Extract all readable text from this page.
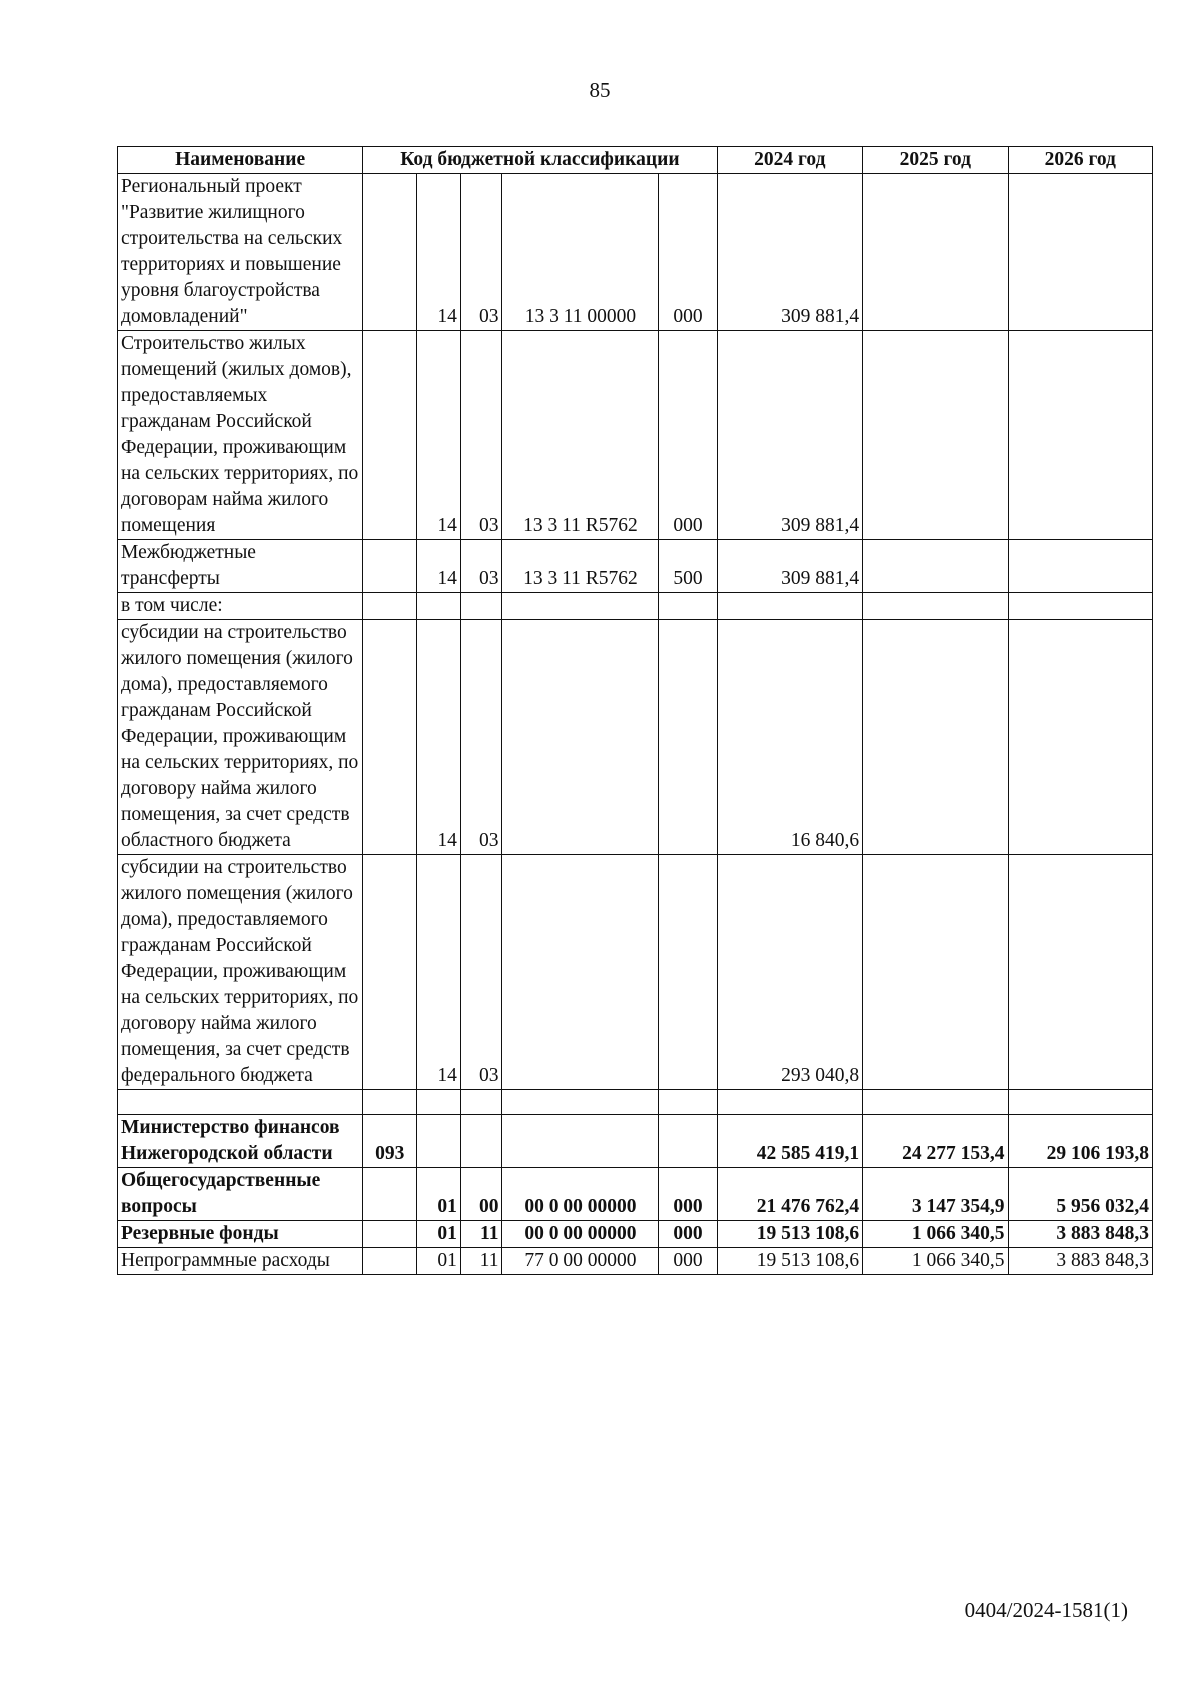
85
Наименование	Код бюджетной классификации					2024 год	2025 год	2026 год
Региональный проект "Развитие жилищного строительства на сельских территориях и повышение уровня благоустройства домовладений"		14	03	13 3 11 00000	000	309 881,4		
Строительство жилых помещений (жилых домов), предоставляемых гражданам Российской Федерации, проживающим на сельских территориях, по договорам найма жилого помещения		14	03	13 3 11 R5762	000	309 881,4		
Межбюджетные трансферты		14	03	13 3 11 R5762	500	309 881,4		
в том числе:								
субсидии на строительство жилого помещения (жилого дома), предоставляемого гражданам Российской Федерации, проживающим на сельских территориях, по договору найма жилого помещения, за счет средств областного бюджета		14	03			16 840,6		
субсидии на строительство жилого помещения (жилого дома), предоставляемого гражданам Российской Федерации, проживающим на сельских территориях, по договору найма жилого помещения, за счет средств федерального бюджета		14	03			293 040,8		

Министерство финансов Нижегородской области	093					42 585 419,1	24 277 153,4	29 106 193,8
Общегосударственные вопросы		01	00	00 0 00 00000	000	21 476 762,4	3 147 354,9	5 956 032,4
Резервные фонды		01	11	00 0 00 00000	000	19 513 108,6	1 066 340,5	3 883 848,3
Непрограммные расходы		01	11	77 0 00 00000	000	19 513 108,6	1 066 340,5	3 883 848,3
0404/2024-1581(1)
